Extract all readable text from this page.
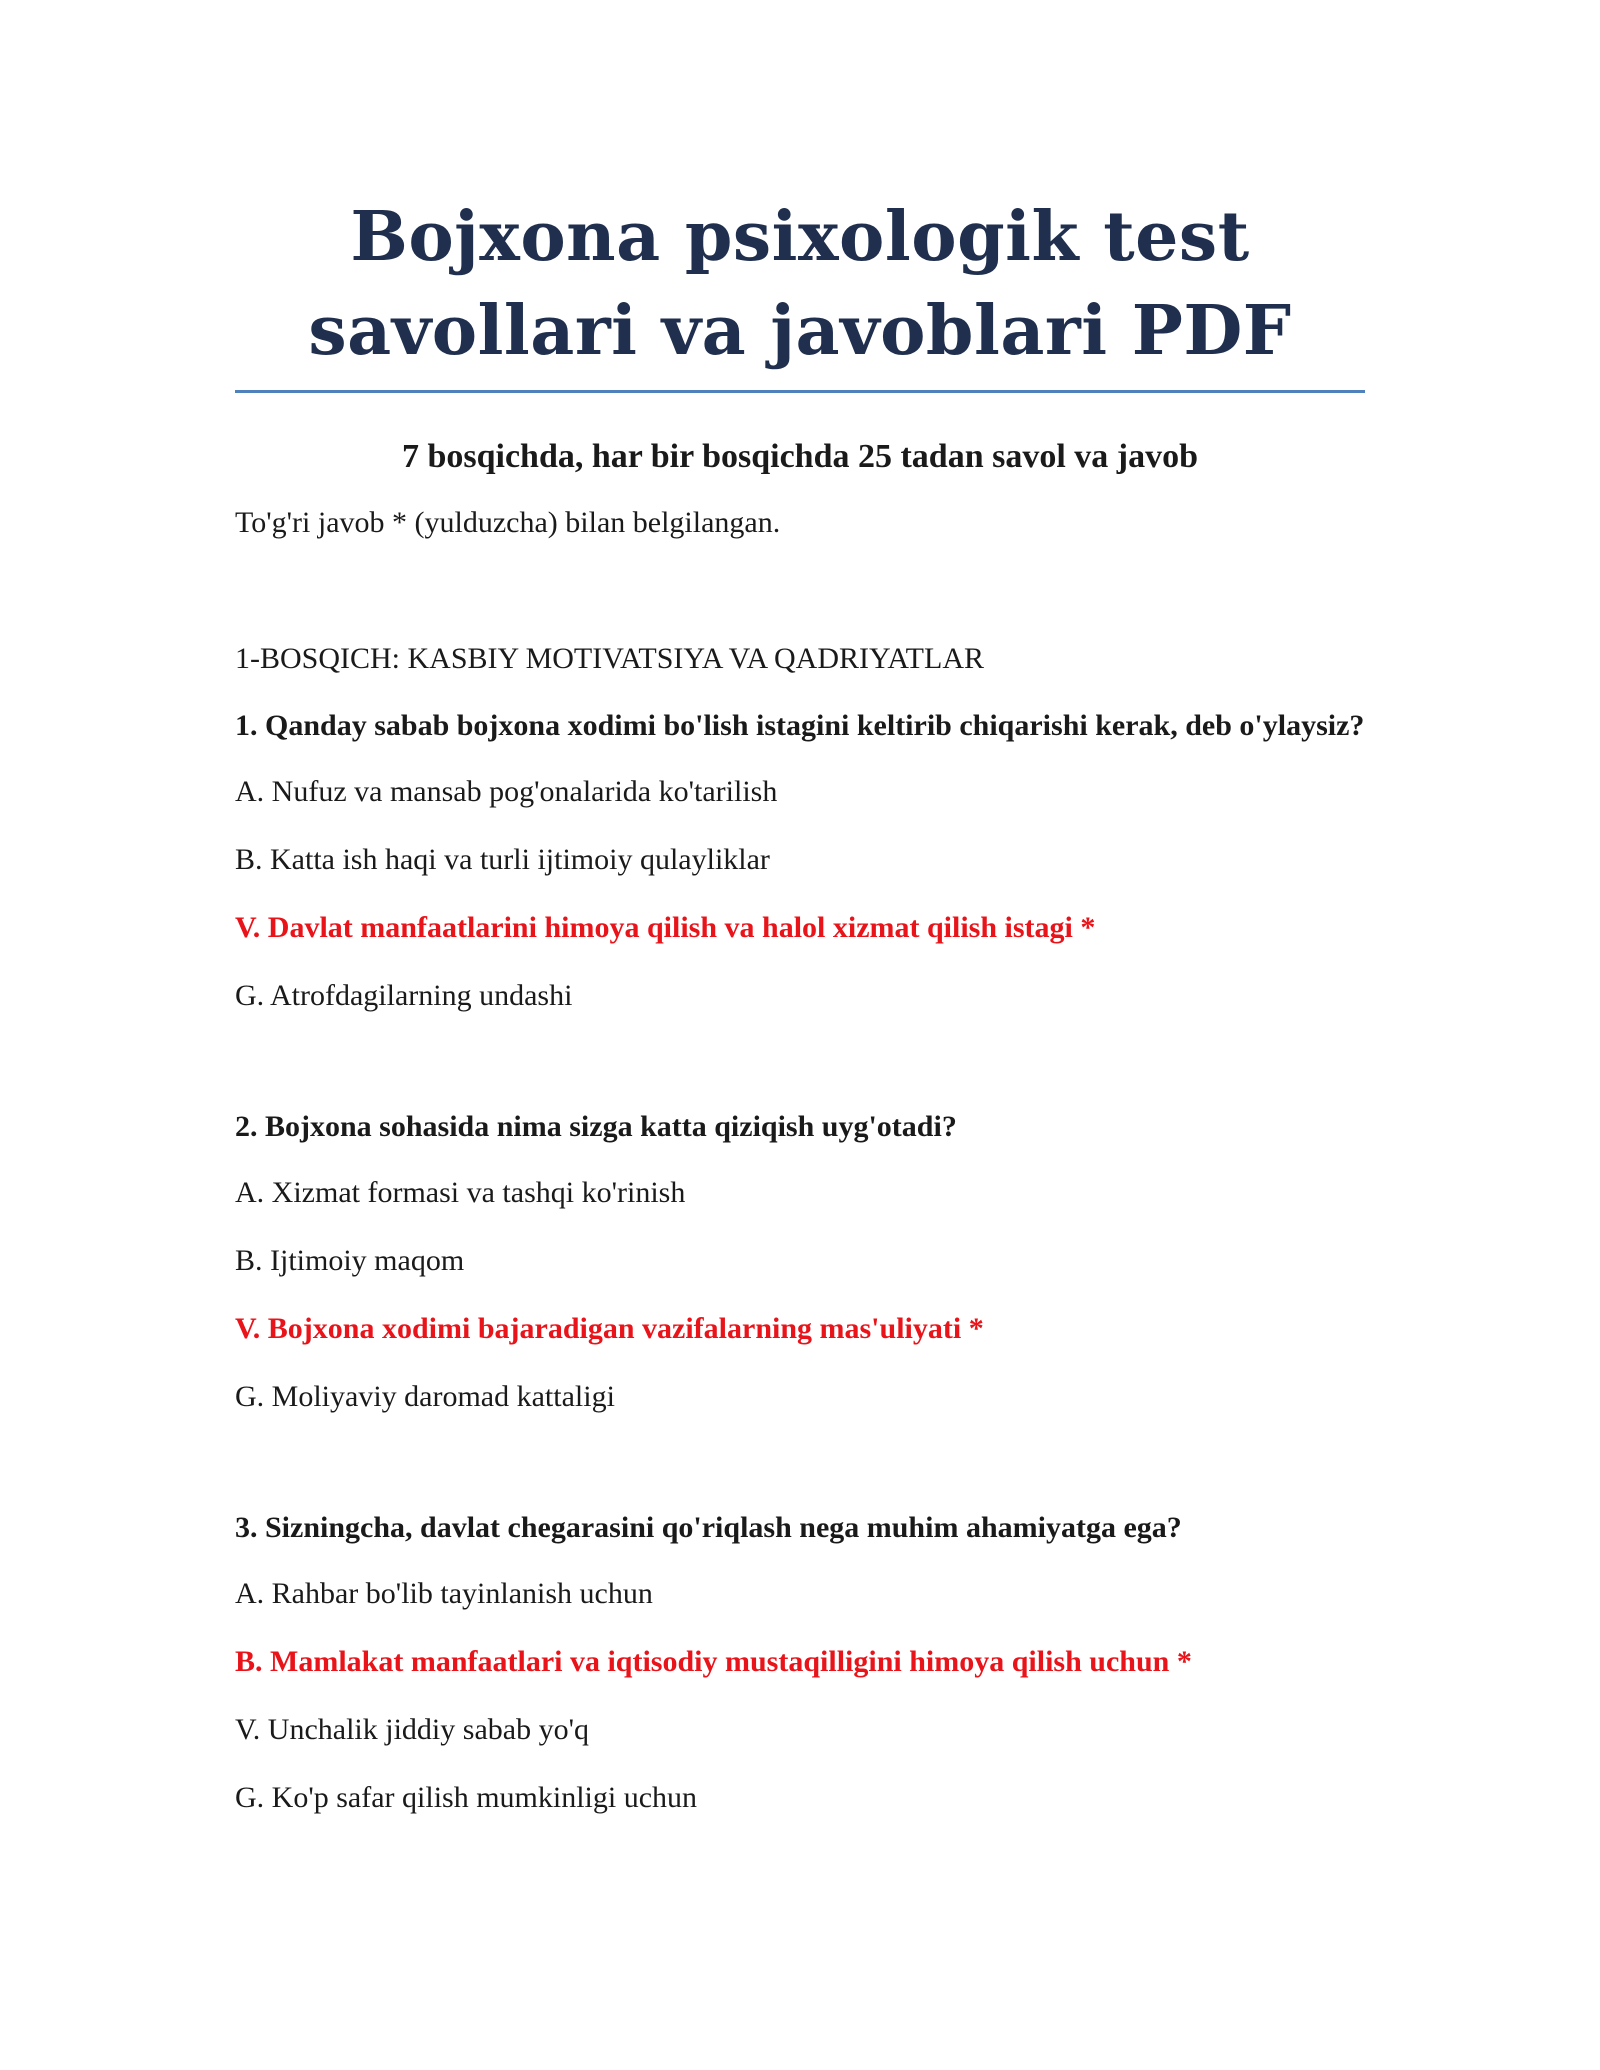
Bojxona psixologik test
savollari va javoblari PDF
7 bosqichda, har bir bosqichda 25 tadan savol va javob
To'g'ri javob * (yulduzcha) bilan belgilangan.
1-BOSQICH: KASBIY MOTIVATSIYA VA QADRIYATLAR
1. Qanday sabab bojxona xodimi bo'lish istagini keltirib chiqarishi kerak, deb o'ylaysiz?
A. Nufuz va mansab pog'onalarida ko'tarilish
B. Katta ish haqi va turli ijtimoiy qulayliklar
V. Davlat manfaatlarini himoya qilish va halol xizmat qilish istagi *
G. Atrofdagilarning undashi
2. Bojxona sohasida nima sizga katta qiziqish uyg'otadi?
A. Xizmat formasi va tashqi ko'rinish
B. Ijtimoiy maqom
V. Bojxona xodimi bajaradigan vazifalarning mas'uliyati *
G. Moliyaviy daromad kattaligi
3. Sizningcha, davlat chegarasini qo'riqlash nega muhim ahamiyatga ega?
A. Rahbar bo'lib tayinlanish uchun
B. Mamlakat manfaatlari va iqtisodiy mustaqilligini himoya qilish uchun *
V. Unchalik jiddiy sabab yo'q
G. Ko'p safar qilish mumkinligi uchun
